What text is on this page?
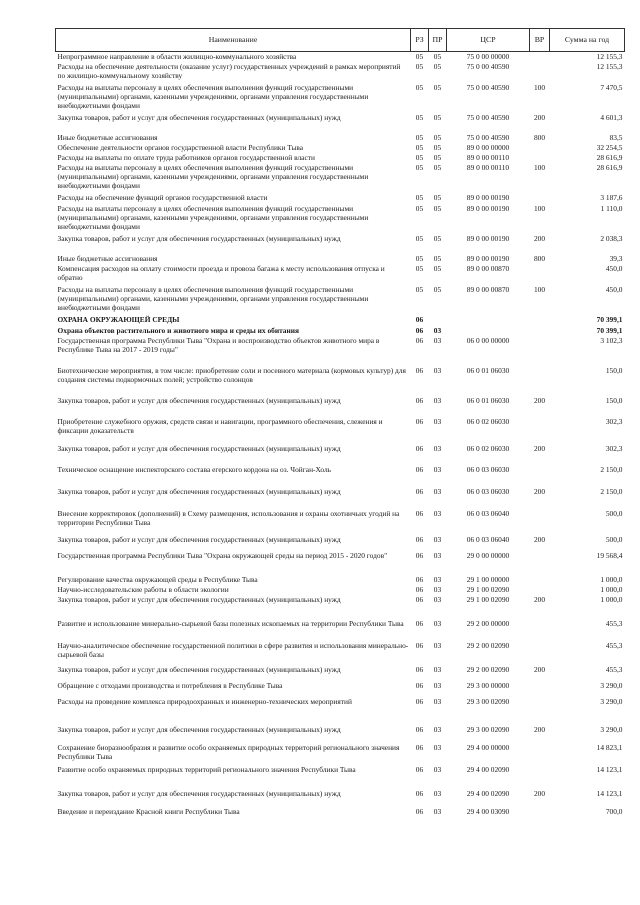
Наименование	РЗ	ПР	ЦСР	ВР	Сумма на год
Непрограммное направление в области жилищно-коммунального хозяйства	05	05	75 0 00 00000		12 155,3
Расходы на обеспечение деятельности (оказание услуг) государственных учреждений в рамках мероприятий по жилищно-коммунальному хозяйству	05	05	75 0 00 40590		12 155,3
Расходы на выплаты персоналу в целях обеспечения выполнения функций государственными (муниципальными) органами, казенными учреждениями, органами управления государственными внебюджетными фондами	05	05	75 0 00 40590	100	7 470,5
Закупка товаров, работ и услуг для обеспечения государственных (муниципальных) нужд	05	05	75 0 00 40590	200	4 601,3
Иные бюджетные ассигнования	05	05	75 0 00 40590	800	83,5
Обеспечение деятельности органов государственной власти Республики Тыва	05	05	89 0 00 00000		32 254,5
Расходы на выплаты по оплате труда работников органов государственной власти	05	05	89 0 00 00110		28 616,9
Расходы на выплаты персоналу в целях обеспечения выполнения функций государственными (муниципальными) органами, казенными учреждениями, органами управления государственными внебюджетными фондами	05	05	89 0 00 00110	100	28 616,9
Расходы на обеспечение функций органов государственной власти	05	05	89 0 00 00190		3 187,6
Расходы на выплаты персоналу в целях обеспечения выполнения функций государственными (муниципальными) органами, казенными учреждениями, органами управления государственными внебюджетными фондами	05	05	89 0 00 00190	100	1 110,0
Закупка товаров, работ и услуг для обеспечения государственных (муниципальных) нужд	05	05	89 0 00 00190	200	2 038,3
Иные бюджетные ассигнования	05	05	89 0 00 00190	800	39,3
Компенсация расходов на оплату стоимости проезда и провоза багажа к месту использования отпуска и обратно	05	05	89 0 00 00870		450,0
Расходы на выплаты персоналу в целях обеспечения выполнения функций государственными (муниципальными) органами, казенными учреждениями, органами управления государственными внебюджетными фондами	05	05	89 0 00 00870	100	450,0
ОХРАНА ОКРУЖАЮЩЕЙ СРЕДЫ	06				70 399,1
Охрана объектов растительного и животного мира и среды их обитания	06	03			70 399,1
Государственная программа Республики Тыва "Охрана и воспроизводство объектов животного мира в Республике Тыва на 2017 - 2019 годы"	06	03	06 0 00 00000		3 102,3
Биотехнические мероприятия, в том числе: приобретение соли и посевного материала (кормовых культур) для создания системы подкормочных полей; устройство солонцов	06	03	06 0 01 06030		150,0
Закупка товаров, работ и услуг для обеспечения государственных (муниципальных) нужд	06	03	06 0 01 06030	200	150,0
Приобретение служебного оружия, средств связи и навигации, программного обеспечения, слежения и фиксации доказательств	06	03	06 0 02 06030		302,3
Закупка товаров, работ и услуг для обеспечения государственных (муниципальных) нужд	06	03	06 0 02 06030	200	302,3
Техническое оснащение инспекторского состава егерского кордона на оз. Чойган-Холь	06	03	06 0 03 06030		2 150,0
Закупка товаров, работ и услуг для обеспечения государственных (муниципальных) нужд	06	03	06 0 03 06030	200	2 150,0
Внесение корректировок (дополнений) в Схему размещения, использования и охраны охотничьих угодий на территории Республики Тыва	06	03	06 0 03 06040		500,0
Закупка товаров, работ и услуг для обеспечения государственных (муниципальных) нужд	06	03	06 0 03 06040	200	500,0
Государственная программа Республики Тыва "Охрана окружающей среды на период 2015 - 2020 годов"	06	03	29 0 00 00000		19 568,4
Регулирование качества окружающей среды в Республике Тыва	06	03	29 1 00 00000		1 000,0
Научно-исследовательские работы в области экологии	06	03	29 1 00 02090		1 000,0
Закупка товаров, работ и услуг для обеспечения государственных (муниципальных) нужд	06	03	29 1 00 02090	200	1 000,0
Развитие и использование минерально-сырьевой базы полезных ископаемых на территории Республики Тыва	06	03	29 2 00 00000		455,3
Научно-аналитическое обеспечение государственной политики в сфере развития и использования минерально-сырьевой базы	06	03	29 2 00 02090		455,3
Закупка товаров, работ и услуг для обеспечения государственных (муниципальных) нужд	06	03	29 2 00 02090	200	455,3
Обращение с отходами производства и потребления в Республике Тыва	06	03	29 3 00 00000		3 290,0
Расходы на проведение комплекса природоохранных и инженерно-технических мероприятий	06	03	29 3 00 02090		3 290,0
Закупка товаров, работ и услуг для обеспечения государственных (муниципальных) нужд	06	03	29 3 00 02090	200	3 290,0
Сохранение биоразнообразия и развитие особо охраняемых природных территорий регионального значения Республики Тыва	06	03	29 4 00 00000		14 823,1
Развитие особо охраняемых природных территорий регионального значения Республики Тыва	06	03	29 4 00 02090		14 123,1
Закупка товаров, работ и услуг для обеспечения государственных (муниципальных) нужд	06	03	29 4 00 02090	200	14 123,1
Введение и переиздание Красной книги Республики Тыва	06	03	29 4 00 03090		700,0
